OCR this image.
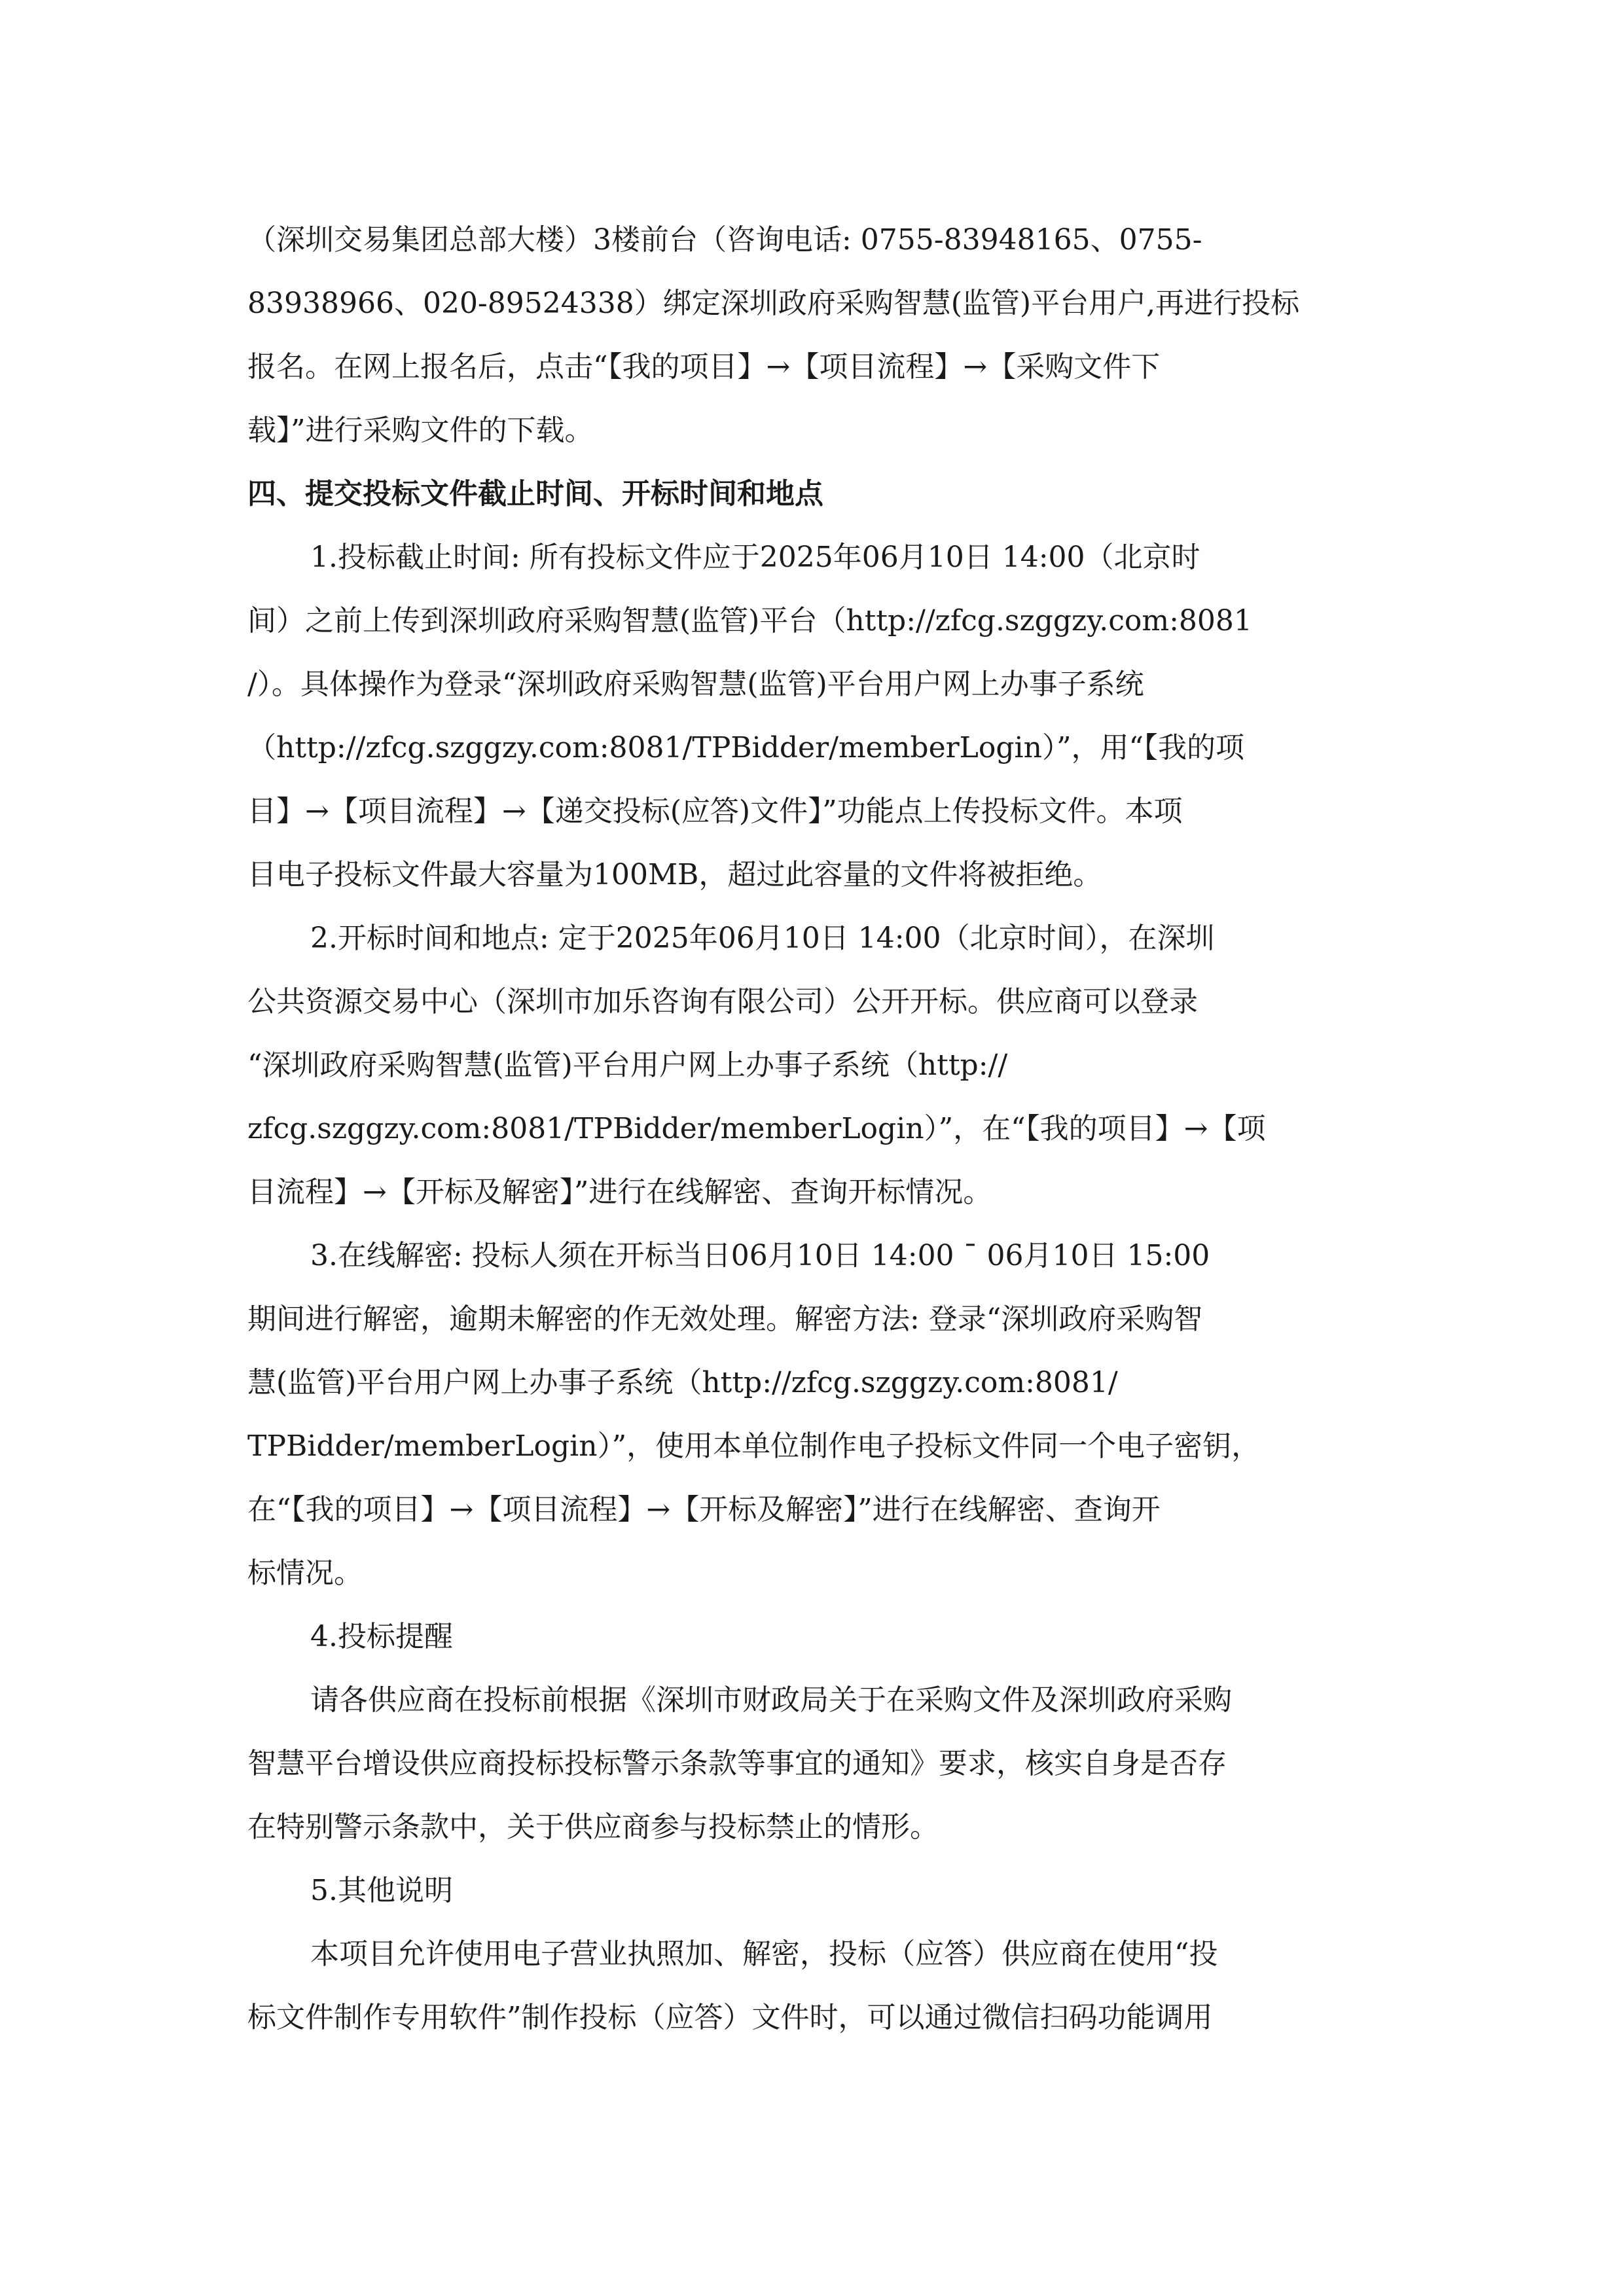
（深圳交易集团总部大楼）3楼前台（咨询电话: 0755-83948165、0755-
83938966、020-89524338）绑定深圳政府采购智慧(监管)平台用户,再进行投标
报名。在网上报名后，点击“【我的项目】→【项目流程】→【采购文件下
载】”进行采购文件的下载。
四、提交投标文件截止时间、开标时间和地点
1.投标截止时间: 所有投标文件应于2025年06月10日 14:00（北京时
间）之前上传到深圳政府采购智慧(监管)平台（http://zfcg.szggzy.com:8081
/）。具体操作为登录“深圳政府采购智慧(监管)平台用户网上办事子系统
（http://zfcg.szggzy.com:8081/TPBidder/memberLogin）”，用“【我的项
目】→【项目流程】→【递交投标(应答)文件】”功能点上传投标文件。本项
目电子投标文件最大容量为100MB，超过此容量的文件将被拒绝。
2.开标时间和地点: 定于2025年06月10日 14:00（北京时间），在深圳
公共资源交易中心（深圳市加乐咨询有限公司）公开开标。供应商可以登录
“深圳政府采购智慧(监管)平台用户网上办事子系统（http://
zfcg.szggzy.com:8081/TPBidder/memberLogin）”，在“【我的项目】→【项
目流程】→【开标及解密】”进行在线解密、查询开标情况。
3.在线解密: 投标人须在开标当日06月10日 14:00 ¯ 06月10日 15:00
期间进行解密，逾期未解密的作无效处理。解密方法: 登录“深圳政府采购智
慧(监管)平台用户网上办事子系统（http://zfcg.szggzy.com:8081/
TPBidder/memberLogin）”，使用本单位制作电子投标文件同一个电子密钥，
在“【我的项目】→【项目流程】→【开标及解密】”进行在线解密、查询开
标情况。
4.投标提醒
请各供应商在投标前根据《深圳市财政局关于在采购文件及深圳政府采购
智慧平台增设供应商投标投标警示条款等事宜的通知》要求，核实自身是否存
在特别警示条款中，关于供应商参与投标禁止的情形。
5.其他说明
本项目允许使用电子营业执照加、解密，投标（应答）供应商在使用“投
标文件制作专用软件”制作投标（应答）文件时，可以通过微信扫码功能调用
